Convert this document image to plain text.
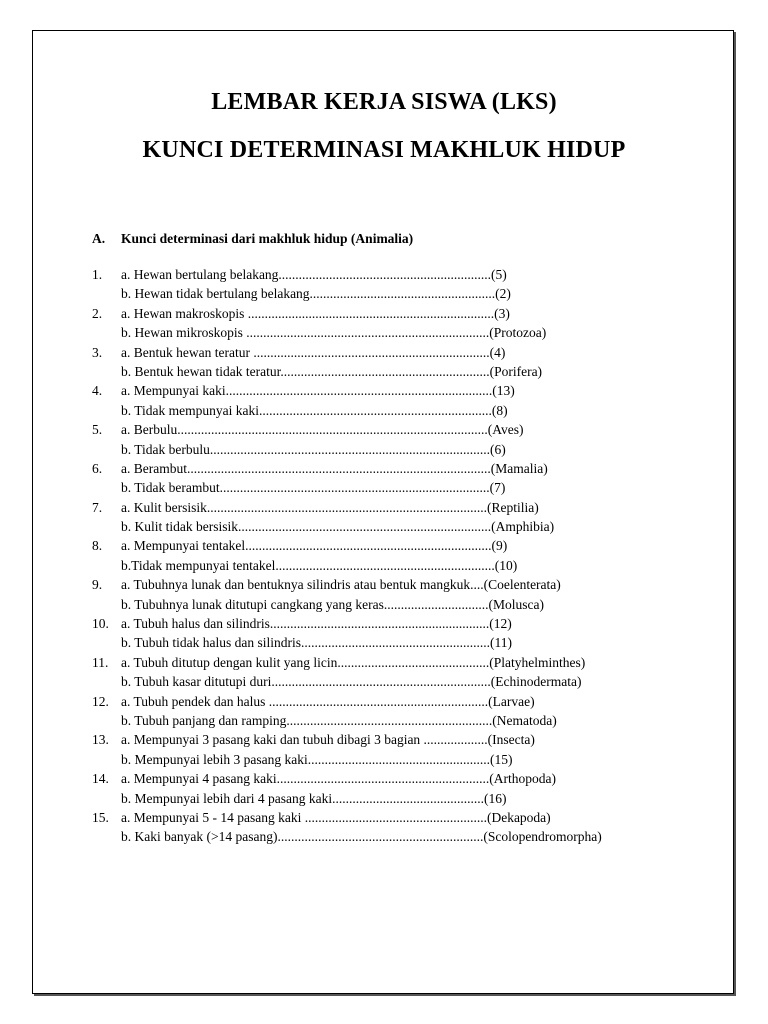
LEMBAR KERJA SISWA (LKS)
KUNCI DETERMINASI MAKHLUK HIDUP
A. Kunci determinasi dari makhluk hidup (Animalia)
1. a. Hewan bertulang belakang...............................................................(5)
b. Hewan tidak bertulang belakang.......................................................(2)
2. a. Hewan makroskopis .........................................................................(3)
b. Hewan mikroskopis ........................................................................(Protozoa)
3. a. Bentuk hewan teratur ......................................................................(4)
b. Bentuk hewan tidak teratur..............................................................(Porifera)
4. a. Mempunyai kaki...............................................................................(13)
b. Tidak mempunyai kaki.....................................................................(8)
5. a. Berbulu............................................................................................(Aves)
b. Tidak berbulu...................................................................................(6)
6. a. Berambut..........................................................................................(Mamalia)
b. Tidak berambut................................................................................(7)
7. a. Kulit bersisik...................................................................................(Reptilia)
b. Kulit tidak bersisik...........................................................................(Amphibia)
8. a. Mempunyai tentakel.........................................................................(9)
b.Tidak mempunyai tentakel.................................................................(10)
9. a. Tubuhnya lunak dan bentuknya silindris atau bentuk mangkuk....(Coelenterata)
b. Tubuhnya lunak ditutupi cangkang yang keras...............................(Molusca)
10. a. Tubuh halus dan silindris.................................................................(12)
b. Tubuh tidak halus dan silindris........................................................(11)
11. a. Tubuh ditutup dengan kulit yang licin.............................................(Platyhelminthes)
b. Tubuh kasar ditutupi duri.................................................................(Echinodermata)
12. a. Tubuh pendek dan halus .................................................................(Larvae)
b. Tubuh panjang dan ramping.............................................................(Nematoda)
13. a. Mempunyai 3 pasang kaki dan tubuh dibagi 3 bagian ...................(Insecta)
b. Mempunyai lebih 3 pasang kaki......................................................(15)
14. a. Mempunyai 4 pasang kaki...............................................................(Arthopoda)
b. Mempunyai lebih dari 4 pasang kaki.............................................(16)
15. a. Mempunyai 5 - 14 pasang kaki ......................................................(Dekapoda)
b. Kaki banyak (>14 pasang).............................................................(Scolopendromorpha)
